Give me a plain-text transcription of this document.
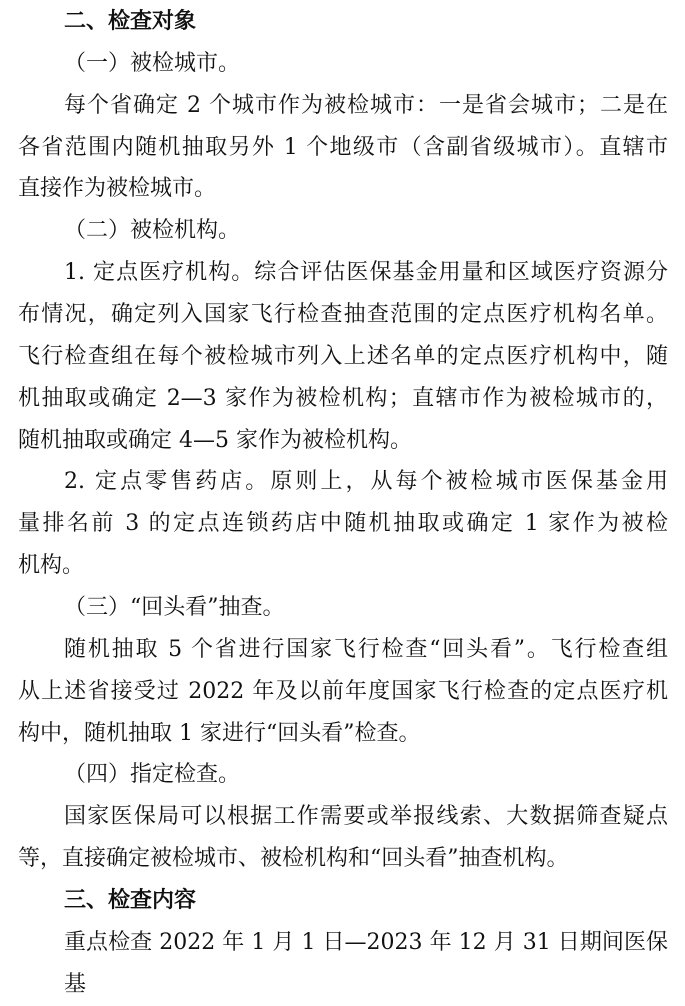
二、检查对象
（一）被检城市。
每个省确定 2 个城市作为被检城市：一是省会城市；二是在
各省范围内随机抽取另外 1 个地级市（含副省级城市）。直辖市
直接作为被检城市。
（二）被检机构。
1. 定点医疗机构。综合评估医保基金用量和区域医疗资源分
布情况，确定列入国家飞行检查抽查范围的定点医疗机构名单。
飞行检查组在每个被检城市列入上述名单的定点医疗机构中，随
机抽取或确定 2—3 家作为被检机构；直辖市作为被检城市的，
随机抽取或确定 4—5 家作为被检机构。
2. 定点零售药店。原则上，从每个被检城市医保基金用
量排名前 3 的定点连锁药店中随机抽取或确定 1 家作为被检
机构。
（三）“回头看”抽查。
随机抽取 5 个省进行国家飞行检查“回头看”。飞行检查组
从上述省接受过 2022 年及以前年度国家飞行检查的定点医疗机
构中，随机抽取 1 家进行“回头看”检查。
（四）指定检查。
国家医保局可以根据工作需要或举报线索、大数据筛查疑点
等，直接确定被检城市、被检机构和“回头看”抽查机构。
三、检查内容
重点检查 2022 年 1 月 1 日—2023 年 12 月 31 日期间医保基
